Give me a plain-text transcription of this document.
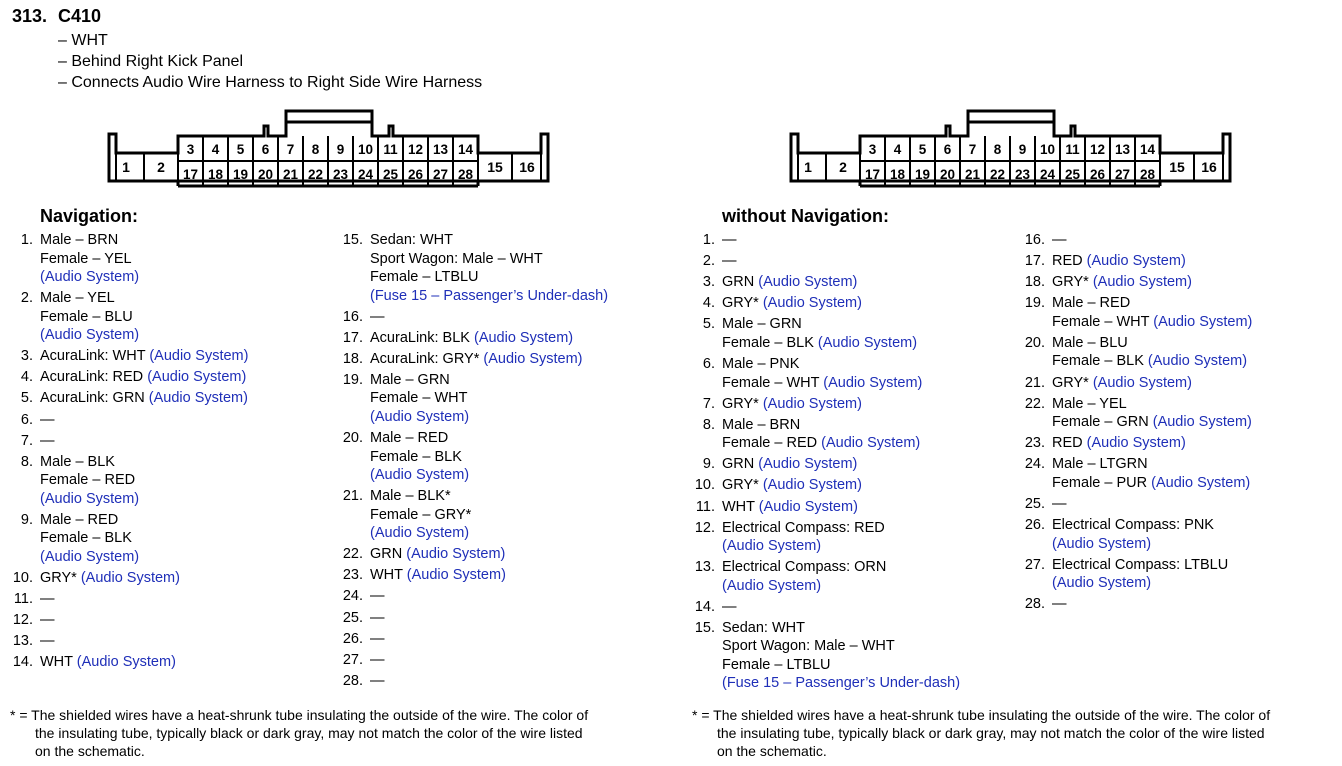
313. C410
– WHT
– Behind Right Kick Panel
– Connects Audio Wire Harness to Right Side Wire Harness
1 2
3
17
4
18
5
19
6
20
7
21
8
22
9
23
10
24
11
25
12
26
13
27
14
28 15 16	1 2
3
17
4
18
5
19
6
20
7
21
8
22
9
23
10
24
11
25
12
26
13
27
14
28 15 16
Navigation:	without Navigation:
1. Male – BRN
Female – YEL
(Audio System)
2. Male – YEL
Female – BLU
(Audio System)
3. AcuraLink: WHT (Audio System)
4. AcuraLink: RED (Audio System)
5. AcuraLink: GRN (Audio System)
6. —
7. —
8. Male – BLK
Female – RED
(Audio System)
9. Male – RED
Female – BLK
(Audio System)
10. GRY* (Audio System)
11. —
12. —
13. —
14. WHT (Audio System)
15. Sedan: WHT
Sport Wagon: Male – WHT
Female – LTBLU
(Fuse 15 – Passenger’s Under-dash)
16. —
17. AcuraLink: BLK (Audio System)
18. AcuraLink: GRY* (Audio System)
19. Male – GRN
Female – WHT
(Audio System)
20. Male – RED
Female – BLK
(Audio System)
21. Male – BLK*
Female – GRY*
(Audio System)
22. GRN (Audio System)
23. WHT (Audio System)
24. —
25. —
26. —
27. —
28. —
1. —
2. —
3. GRN (Audio System)
4. GRY* (Audio System)
5. Male – GRN
Female – BLK (Audio System)
6. Male – PNK
Female – WHT (Audio System)
7. GRY* (Audio System)
8. Male – BRN
Female – RED (Audio System)
9. GRN (Audio System)
10. GRY* (Audio System)
11. WHT (Audio System)
12. Electrical Compass: RED
(Audio System)
13. Electrical Compass: ORN
(Audio System)
14. —
15. Sedan: WHT
Sport Wagon: Male – WHT
Female – LTBLU
(Fuse 15 – Passenger’s Under-dash)
16. —
17. RED (Audio System)
18. GRY* (Audio System)
19. Male – RED
Female – WHT (Audio System)
20. Male – BLU
Female – BLK (Audio System)
21. GRY* (Audio System)
22. Male – YEL
Female – GRN (Audio System)
23. RED (Audio System)
24. Male – LTGRN
Female – PUR (Audio System)
25. —
26. Electrical Compass: PNK
(Audio System)
27. Electrical Compass: LTBLU
(Audio System)
28. —
* = The shielded wires have a heat-shrunk tube insulating the outside of the wire. The color of
the insulating tube, typically black or dark gray, may not match the color of the wire listed
on the schematic.
* = The shielded wires have a heat-shrunk tube insulating the outside of the wire. The color of
the insulating tube, typically black or dark gray, may not match the color of the wire listed
on the schematic.
